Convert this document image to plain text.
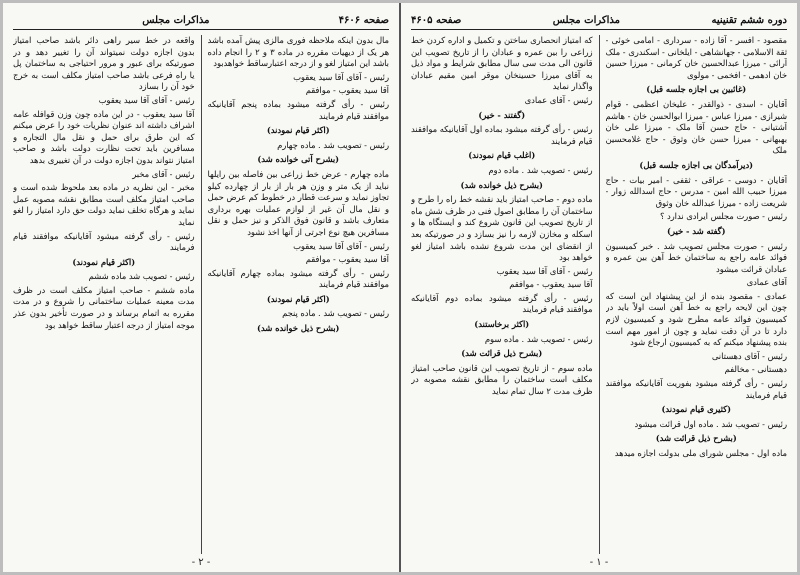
صفحه ۴۶۰۶
مذاکرات مجلس

مال بدون اینکه ملاحظه فوری مالزی پیش آمده باشد هر یک از دیهیات مقرره در ماده ۳ و ۲ را انجام داده باشد این امتیاز لغو و از درجه اعتبارساقط خواهدبود

رئیس - آقای آقا سید یعقوب

آقا سید یعقوب - موافقم

رئیس - رأی گرفته میشود بماده پنجم آقایانیکه موافقند قیام فرمایند

(اکثر قیام نمودند)

رئیس - تصویب شد . ماده چهارم

(بشرح آتی خوانده شد)

ماده چهارم - عرض خط زراعی بین فاصله بین رایلها نباید از یک متر و وزن هر بار از بار از چهارده کیلو تجاوز نماید و سرعت قطار در خطوط کم عرض حمل و نقل مال آن غیر از لوازم عملیات بهره برداری متعارف باشد و قانون فوق الذکر و نیز حمل و نقل مسافرین هیچ نوع اجرتی از آنها اخذ نشود

رئیس - آقای آقا سید یعقوب

آقا سید یعقوب - موافقم

رئیس - رأی گرفته میشود بماده چهارم آقایانیکه موافقند قیام فرمایند

(اکثر قیام نمودند)

رئیس - تصویب شد . ماده پنجم

(بشرح ذیل خوانده شد)

واقعه در خط سیر راهی دائر باشد صاحب امتیاز بدون اجازه دولت نمیتواند آن را تغییر دهد و در صورتیکه برای عبور و مرور احتیاجی به ساختمان پل یا راه فرعی باشد صاحب امتیاز مکلف است به خرج خود آن را بسازد

رئیس - آقای آقا سید یعقوب

آقا سید یعقوب - در این ماده چون وزن قوافله عامه اشراف داشته اند عنوان نظریات خود را عرض میکنم که این طرق برای حمل و نقل مال التجاره و مسافرین باید تحت نظارت دولت باشد و صاحب امتیاز نتواند بدون اجازه دولت در آن تغییری بدهد

رئیس - آقای مخبر

مخبر - این نظریه در ماده بعد ملحوظ شده است و صاحب امتیاز مکلف است مطابق نقشه مصوبه عمل نماید و هرگاه تخلف نماید دولت حق دارد امتیاز را لغو نماید

رئیس - رأی گرفته میشود آقایانیکه موافقند قیام فرمایند

(اکثر قیام نمودند)

رئیس - تصویب شد ماده ششم

ماده ششم - صاحب امتیاز مکلف است در ظرف مدت معینه عملیات ساختمانی را شروع و در مدت مقرره به اتمام برساند و در صورت تأخیر بدون عذر موجه امتیاز از درجه اعتبار ساقط خواهد بود

- ۲ -
دوره ششم تقنینیه
مذاکرات مجلس
صفحه ۴۶۰۵

مقصود - افسر - آقا زاده - سرداری - امامی خوئی - ثقة الاسلامی - جهانشاهی - ایلخانی - اسکندری - ملک آرائی - میرزا عبدالحسین خان کرمانی - میرزا حسین خان ادهمی - افخمی - مولوی

(غائبین بی اجازه جلسه قبل)

آقایان - اسدی - ذوالقدر - علیخان اعظمی - قوام شیرازی - میرزا عباس - میرزا ابوالحسن خان - هاشم آشتیانی - حاج حسن آقا ملک - میرزا علی خان بهبهانی - میرزا حسن خان وثوق - حاج غلامحسین ملک

(دیرآمدگان بی اجازه جلسه قبل)

آقایان - دوسی - عراقی - ثقفی - امیر بیات - حاج میرزا حبیب الله امین - مدرس - حاج اسدالله زوار - شریعت زاده - میرزا عبدالله خان وثوق

رئیس - صورت مجلس ایرادی ندارد ؟

(گفته شد - خیر)

رئیس - صورت مجلس تصویب شد . خبر کمیسیون فوائد عامه راجع به ساختمان خط آهن بین عمره و عبادان قرائت میشود

آقای عمادی

عمادی - مقصود بنده از این پیشنهاد این است که چون این لایحه راجع به خط آهن است اولاً باید در کمیسیون فوائد عامه مطرح شود و کمیسیون لازم دارد تا در آن دقت نماید و چون از امور مهم است بنده پیشنهاد میکنم که به کمیسیون ارجاع شود

رئیس - آقای دهستانی

دهستانی - مخالفم

رئیس - رأی گرفته میشود بفوریت آقایانیکه موافقند قیام فرمایند

(کثیری قیام نمودند)

رئیس - تصویب شد . ماده اول قرائت میشود

(بشرح ذیل قرائت شد)

ماده اول - مجلس شورای ملی بدولت اجازه میدهد

که امتیاز انحصاری ساختن و تکمیل و اداره کردن خط زراعی را بین عمره و عبادان را از تاریخ تصویب این قانون الی مدت سی سال مطابق شرایط و مواد ذیل به آقای میرزا حسینخان موقر امین مقیم عبادان واگذار نماید

رئیس - آقای عمادی

(گفتند - خیر)

رئیس - رأی گرفته میشود بماده اول آقایانیکه موافقند قیام فرمایند

(اغلب قیام نمودند)

رئیس - تصویب شد . ماده دوم

(بشرح ذیل خوانده شد)

ماده دوم - صاحب امتیاز باید نقشه خط راه را طرح و ساختمان آن را مطابق اصول فنی در ظرف شش ماه از تاریخ تصویب این قانون شروع کند و ایستگاه ها و اسکله و مخازن لازمه را نیز بسازد و در صورتیکه بعد از انقضای این مدت شروع نشده باشد امتیاز لغو خواهد بود

رئیس - آقای آقا سید یعقوب

آقا سید یعقوب - موافقم

رئیس - رأی گرفته میشود بماده دوم آقایانیکه موافقند قیام فرمایند

(اکثر برخاستند)

رئیس - تصویب شد . ماده سوم

(بشرح ذیل قرائت شد)

ماده سوم - از تاریخ تصویب این قانون صاحب امتیاز مکلف است ساختمان را مطابق نقشه مصوبه در ظرف مدت ۲ سال تمام نماید

- ۱ -
